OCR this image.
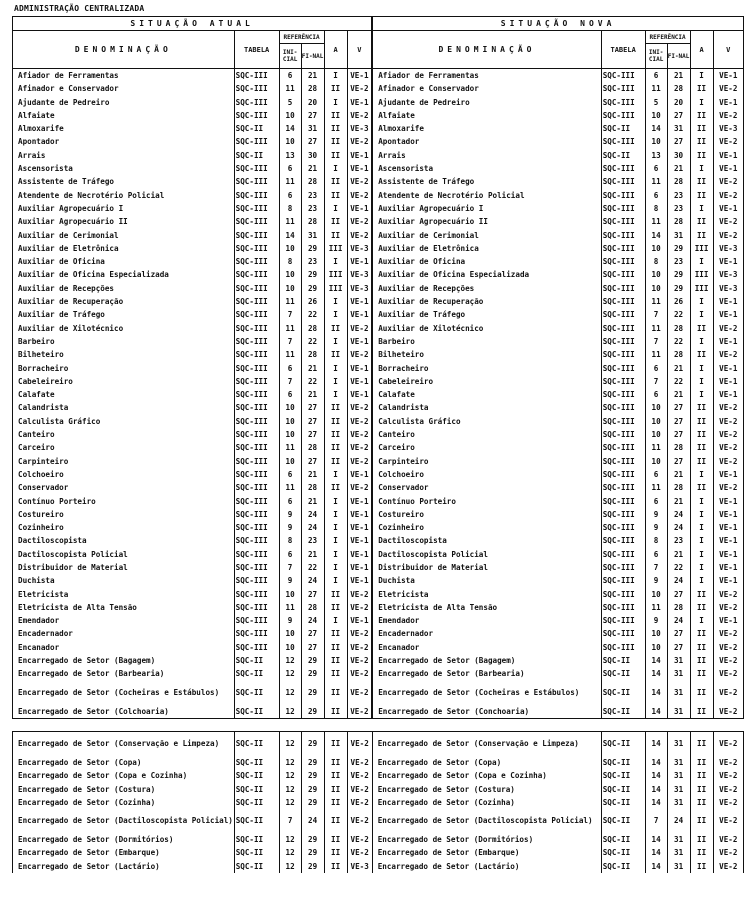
ADMINISTRAÇÃO CENTRALIZADA
SITUAÇÃO ATUAL						SITUAÇÃO NOVA					
DENOMINAÇÃO	TABELA	REFERÊNCIA		A	V	DENOMINAÇÃO	TABELA	REFERÊNCIA		A	V
		INI-CIAL	FI-NAL					INI-CIAL	FI-NAL		
Afiador de Ferramentas	SQC-III	6	21	I	VE-1	Afiador de Ferramentas	SQC-III	6	21	I	VE-1
Afinador e Conservador	SQC-III	11	28	II	VE-2	Afinador e Conservador	SQC-III	11	28	II	VE-2
Ajudante de Pedreiro	SQC-III	5	20	I	VE-1	Ajudante de Pedreiro	SQC-III	5	20	I	VE-1
Alfaiate	SQC-III	10	27	II	VE-2	Alfaiate	SQC-III	10	27	II	VE-2
Almoxarife	SQC-II	14	31	II	VE-3	Almoxarife	SQC-II	14	31	II	VE-3
Apontador	SQC-III	10	27	II	VE-2	Apontador	SQC-III	10	27	II	VE-2
Arrais	SQC-II	13	30	II	VE-1	Arrais	SQC-II	13	30	II	VE-1
Ascensorista	SQC-III	6	21	I	VE-1	Ascensorista	SQC-III	6	21	I	VE-1
Assistente de Tráfego	SQC-III	11	28	II	VE-2	Assistente de Tráfego	SQC-III	11	28	II	VE-2
Atendente de Necrotério Policial	SQC-III	6	23	II	VE-2	Atendente de Necrotério Policial	SQC-III	6	23	II	VE-2
Auxiliar Agropecuário I	SQC-III	8	23	I	VE-1	Auxiliar Agropecuário I	SQC-III	8	23	I	VE-1
Auxiliar Agropecuário II	SQC-III	11	28	II	VE-2	Auxiliar Agropecuário II	SQC-III	11	28	II	VE-2
Auxiliar de Cerimonial	SQC-III	14	31	II	VE-2	Auxiliar de Cerimonial	SQC-III	14	31	II	VE-2
Auxiliar de Eletrônica	SQC-III	10	29	III	VE-3	Auxiliar de Eletrônica	SQC-III	10	29	III	VE-3
Auxiliar de Oficina	SQC-III	8	23	I	VE-1	Auxiliar de Oficina	SQC-III	8	23	I	VE-1
Auxiliar de Oficina Especializada	SQC-III	10	29	III	VE-3	Auxiliar de Oficina Especializada	SQC-III	10	29	III	VE-3
Auxiliar de Recepções	SQC-III	10	29	III	VE-3	Auxiliar de Recepções	SQC-III	10	29	III	VE-3
Auxiliar de Recuperação	SQC-III	11	26	I	VE-1	Auxiliar de Recuperação	SQC-III	11	26	I	VE-1
Auxiliar de Tráfego	SQC-III	7	22	I	VE-1	Auxiliar de Tráfego	SQC-III	7	22	I	VE-1
Auxiliar de Xilotécnico	SQC-III	11	28	II	VE-2	Auxiliar de Xilotécnico	SQC-III	11	28	II	VE-2
Barbeiro	SQC-III	7	22	I	VE-1	Barbeiro	SQC-III	7	22	I	VE-1
Bilheteiro	SQC-III	11	28	II	VE-2	Bilheteiro	SQC-III	11	28	II	VE-2
Borracheiro	SQC-III	6	21	I	VE-1	Borracheiro	SQC-III	6	21	I	VE-1
Cabeleireiro	SQC-III	7	22	I	VE-1	Cabeleireiro	SQC-III	7	22	I	VE-1
Calafate	SQC-III	6	21	I	VE-1	Calafate	SQC-III	6	21	I	VE-1
Calandrista	SQC-III	10	27	II	VE-2	Calandrista	SQC-III	10	27	II	VE-2
Calculista Gráfico	SQC-III	10	27	II	VE-2	Calculista Gráfico	SQC-III	10	27	II	VE-2
Canteiro	SQC-III	10	27	II	VE-2	Canteiro	SQC-III	10	27	II	VE-2
Carceiro	SQC-III	11	28	II	VE-2	Carceiro	SQC-III	11	28	II	VE-2
Carpinteiro	SQC-III	10	27	II	VE-2	Carpinteiro	SQC-III	10	27	II	VE-2
Colchoeiro	SQC-III	6	21	I	VE-1	Colchoeiro	SQC-III	6	21	I	VE-1
Conservador	SQC-III	11	28	II	VE-2	Conservador	SQC-III	11	28	II	VE-2
Contínuo Porteiro	SQC-III	6	21	I	VE-1	Contínuo Porteiro	SQC-III	6	21	I	VE-1
Costureiro	SQC-III	9	24	I	VE-1	Costureiro	SQC-III	9	24	I	VE-1
Cozinheiro	SQC-III	9	24	I	VE-1	Cozinheiro	SQC-III	9	24	I	VE-1
Dactiloscopista	SQC-III	8	23	I	VE-1	Dactiloscopista	SQC-III	8	23	I	VE-1
Dactiloscopista Policial	SQC-III	6	21	I	VE-1	Dactiloscopista Policial	SQC-III	6	21	I	VE-1
Distribuidor de Material	SQC-III	7	22	I	VE-1	Distribuidor de Material	SQC-III	7	22	I	VE-1
Duchista	SQC-III	9	24	I	VE-1	Duchista	SQC-III	9	24	I	VE-1
Eletricista	SQC-III	10	27	II	VE-2	Eletricista	SQC-III	10	27	II	VE-2
Eletricista de Alta Tensão	SQC-III	11	28	II	VE-2	Eletricista de Alta Tensão	SQC-III	11	28	II	VE-2
Emendador	SQC-III	9	24	I	VE-1	Emendador	SQC-III	9	24	I	VE-1
Encadernador	SQC-III	10	27	II	VE-2	Encadernador	SQC-III	10	27	II	VE-2
Encanador	SQC-III	10	27	II	VE-2	Encanador	SQC-III	10	27	II	VE-2
Encarregado de Setor (Bagagem)	SQC-II	12	29	II	VE-2	Encarregado de Setor (Bagagem)	SQC-II	14	31	II	VE-2
Encarregado de Setor (Barbearia)	SQC-II	12	29	II	VE-2	Encarregado de Setor (Barbearia)	SQC-II	14	31	II	VE-2
Encarregado de Setor (Cocheiras e Estábulos)	SQC-II	12	29	II	VE-2	Encarregado de Setor (Cocheiras e Estábulos)	SQC-II	14	31	II	VE-2
Encarregado de Setor (Colchoaria)	SQC-II	12	29	II	VE-2	Encarregado de Setor (Conchoaria)	SQC-II	14	31	II	VE-2
Encarregado de Setor (Conservação e Limpeza)	SQC-II	12	29	II	VE-2	Encarregado de Setor (Conservação e Limpeza)	SQC-II	14	31	II	VE-2
Encarregado de Setor (Copa)	SQC-II	12	29	II	VE-2	Encarregado de Setor (Copa)	SQC-II	14	31	II	VE-2
Encarregado de Setor (Copa e Cozinha)	SQC-II	12	29	II	VE-2	Encarregado de Setor (Copa e Cozinha)	SQC-II	14	31	II	VE-2
Encarregado de Setor (Costura)	SQC-II	12	29	II	VE-2	Encarregado de Setor (Costura)	SQC-II	14	31	II	VE-2
Encarregado de Setor (Cozinha)	SQC-II	12	29	II	VE-2	Encarregado de Setor (Cozinha)	SQC-II	14	31	II	VE-2
Encarregado de Setor (Dactiloscopista Policial)	SQC-II	7	24	II	VE-2	Encarregado de Setor (Dactiloscopista Policial)	SQC-II	7	24	II	VE-2
Encarregado de Setor (Dormitórios)	SQC-II	12	29	II	VE-2	Encarregado de Setor (Dormitórios)	SQC-II	14	31	II	VE-2
Encarregado de Setor (Embarque)	SQC-II	12	29	II	VE-2	Encarregado de Setor (Embarque)	SQC-II	14	31	II	VE-2
Encarregado de Setor (Lactário)	SQC-II	12	29	II	VE-3	Encarregado de Setor (Lactário)	SQC-II	14	31	II	VE-2
